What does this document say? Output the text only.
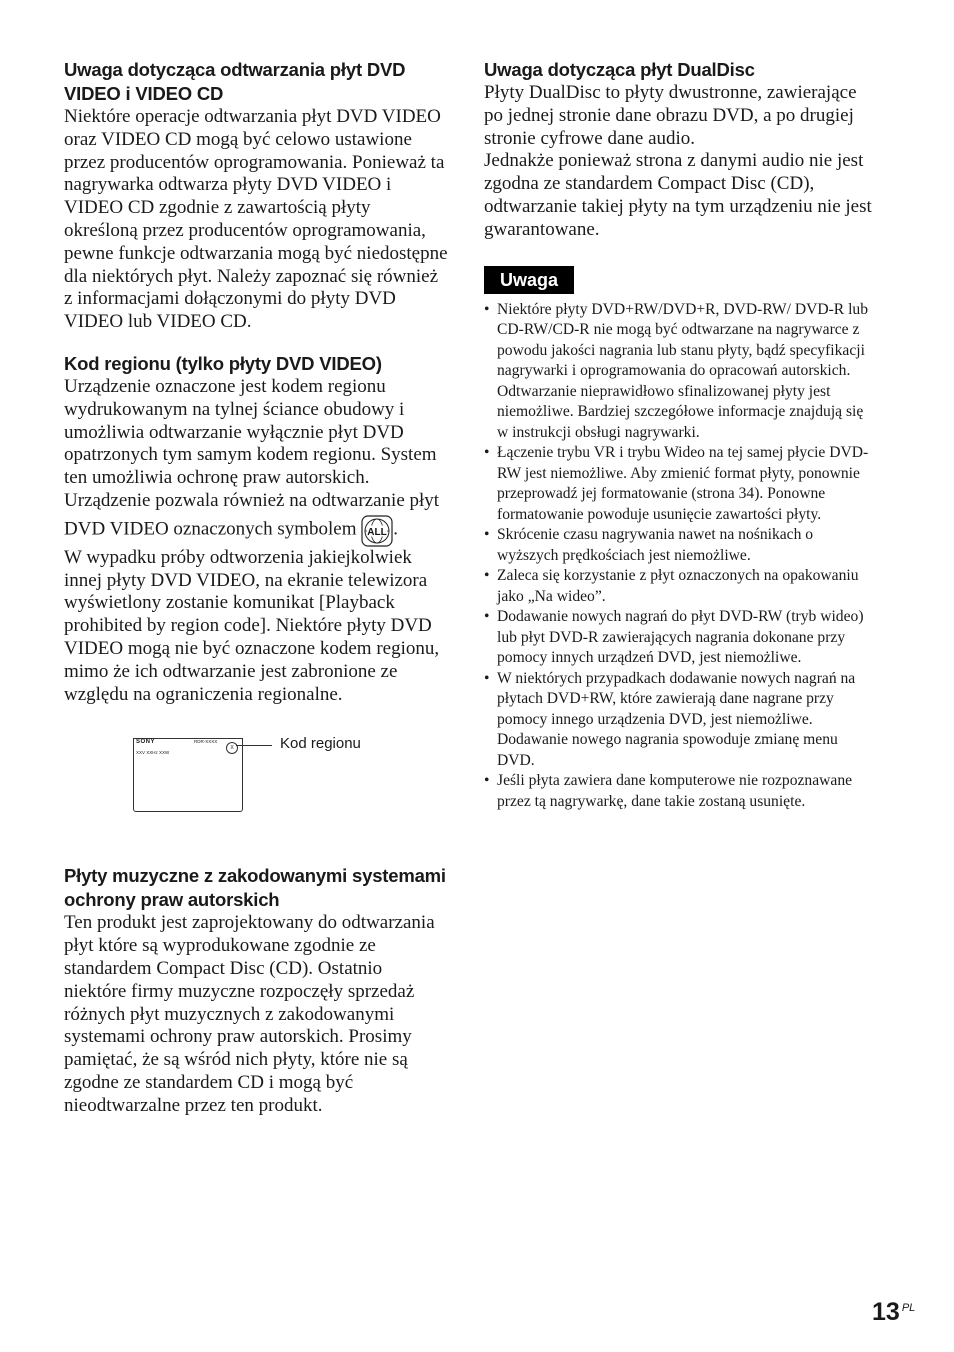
Uwaga dotycząca odtwarzania płyt DVD VIDEO i VIDEO CD

Niektóre operacje odtwarzania płyt DVD VIDEO oraz VIDEO CD mogą być celowo ustawione przez producentów oprogramowania. Ponieważ ta nagrywarka odtwarza płyty DVD VIDEO i VIDEO CD zgodnie z zawartością płyty określoną przez producentów oprogramowania, pewne funkcje odtwarzania mogą być niedostępne dla niektórych płyt. Należy zapoznać się również z informacjami dołączonymi do płyty DVD VIDEO lub VIDEO CD.

Kod regionu (tylko płyty DVD VIDEO)

Urządzenie oznaczone jest kodem regionu wydrukowanym na tylnej ściance obudowy i umożliwia odtwarzanie wyłącznie płyt DVD opatrzonych tym samym kodem regionu. System ten umożliwia ochronę praw autorskich.

Urządzenie pozwala również na odtwarzanie płyt DVD VIDEO oznaczonych symbolem ALL .

W wypadku próby odtworzenia jakiejkolwiek innej płyty DVD VIDEO, na ekranie telewizora wyświetlony zostanie komunikat [Playback prohibited by region code]. Niektóre płyty DVD VIDEO mogą nie być oznaczone kodem regionu, mimo że ich odtwarzanie jest zabronione ze względu na ograniczenia regionalne.

SONY	RDR-XXXX
XXV XXHz XXW
X	Kod regionu
Płyty muzyczne z zakodowanymi systemami ochrony praw autorskich

Ten produkt jest zaprojektowany do odtwarzania płyt które są wyprodukowane zgodnie ze standardem Compact Disc (CD). Ostatnio niektóre firmy muzyczne rozpoczęły sprzedaż różnych płyt muzycznych z zakodowanymi systemami ochrony praw autorskich. Prosimy pamiętać, że są wśród nich płyty, które nie są zgodne ze standardem CD i mogą być nieodtwarzalne przez ten produkt.

Uwaga dotycząca płyt DualDisc

Płyty DualDisc to płyty dwustronne, zawierające po jednej stronie dane obrazu DVD, a po drugiej stronie cyfrowe dane audio.

Jednakże ponieważ strona z danymi audio nie jest zgodna ze standardem Compact Disc (CD), odtwarzanie takiej płyty na tym urządzeniu nie jest gwarantowane.

Uwaga
• Niektóre płyty DVD+RW/DVD+R, DVD-RW/ DVD-R lub CD-RW/CD-R nie mogą być odtwarzane na nagrywarce z powodu jakości nagrania lub stanu płyty, bądź specyfikacji nagrywarki i oprogramowania do opracowań autorskich. Odtwarzanie nieprawidłowo sfinalizowanej płyty jest niemożliwe. Bardziej szczegółowe informacje znajdują się w instrukcji obsługi nagrywarki.
• Łączenie trybu VR i trybu Wideo na tej samej płycie DVD-RW jest niemożliwe. Aby zmienić format płyty, ponownie przeprowadź jej formatowanie (strona 34). Ponowne formatowanie powoduje usunięcie zawartości płyty.
• Skrócenie czasu nagrywania nawet na nośnikach o wyższych prędkościach jest niemożliwe.
• Zaleca się korzystanie z płyt oznaczonych na opakowaniu jako „Na wideo”.
• Dodawanie nowych nagrań do płyt DVD-RW (tryb wideo) lub płyt DVD-R zawierających nagrania dokonane przy pomocy innych urządzeń DVD, jest niemożliwe.
• W niektórych przypadkach dodawanie nowych nagrań na płytach DVD+RW, które zawierają dane nagrane przy pomocy innego urządzenia DVD, jest niemożliwe. Dodawanie nowego nagrania spowoduje zmianę menu DVD.
• Jeśli płyta zawiera dane komputerowe nie rozpoznawane przez tą nagrywarkę, dane takie zostaną usunięte.
13 $^{PL}$
